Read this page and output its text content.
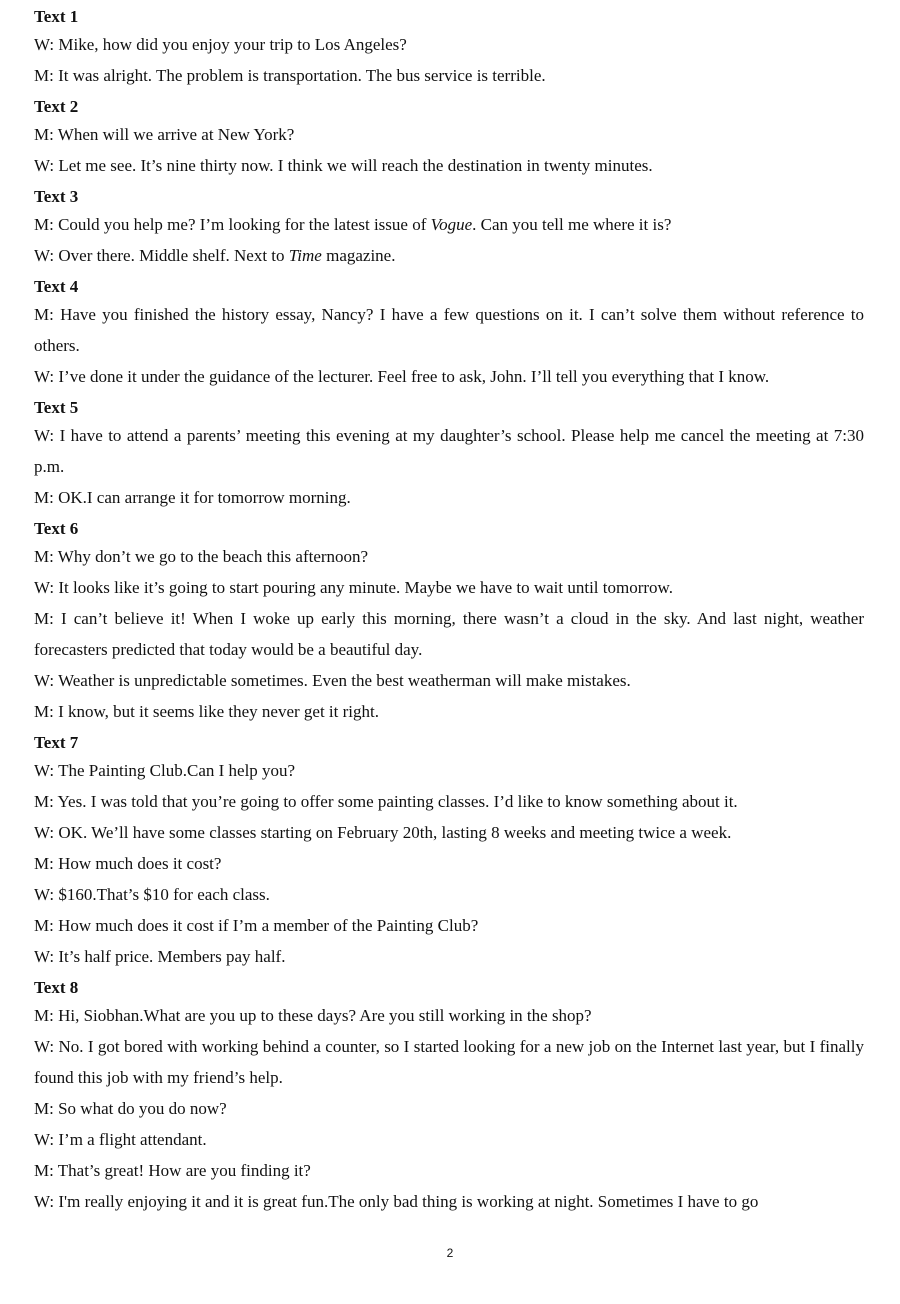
Text 1

W: Mike, how did you enjoy your trip to Los Angeles?

M: It was alright. The problem is transportation. The bus service is terrible.

Text 2

M: When will we arrive at New York?

W: Let me see. It’s nine thirty now. I think we will reach the destination in twenty minutes.

Text 3

M: Could you help me? I’m looking for the latest issue of Vogue. Can you tell me where it is?

W: Over there. Middle shelf. Next to Time magazine.

Text 4

M: Have you finished the history essay, Nancy? I have a few questions on it. I can’t solve them without reference to others.

W: I’ve done it under the guidance of the lecturer. Feel free to ask, John. I’ll tell you everything that I know.

Text 5

W: I have to attend a parents’ meeting this evening at my daughter’s school. Please help me cancel the meeting at 7:30 p.m.

M: OK.I can arrange it for tomorrow morning.

Text 6

M: Why don’t we go to the beach this afternoon?

W: It looks like it’s going to start pouring any minute. Maybe we have to wait until tomorrow.

M: I can’t believe it! When I woke up early this morning, there wasn’t a cloud in the sky. And last night, weather forecasters predicted that today would be a beautiful day.

W: Weather is unpredictable sometimes. Even the best weatherman will make mistakes.

M: I know, but it seems like they never get it right.

Text 7

W: The Painting Club.Can I help you?

M: Yes. I was told that you’re going to offer some painting classes. I’d like to know something about it.

W: OK. We’ll have some classes starting on February 20th, lasting 8 weeks and meeting twice a week.

M: How much does it cost?

W: $160.That’s $10 for each class.

M: How much does it cost if I’m a member of the Painting Club?

W: It’s half price. Members pay half.

Text 8

M: Hi, Siobhan.What are you up to these days? Are you still working in the shop?

W: No. I got bored with working behind a counter, so I started looking for a new job on the Internet last year, but I finally found this job with my friend’s help.

M: So what do you do now?

W: I’m a flight attendant.

M: That’s great! How are you finding it?

W: I'm really enjoying it and it is great fun.The only bad thing is working at night. Sometimes I have to go

2
